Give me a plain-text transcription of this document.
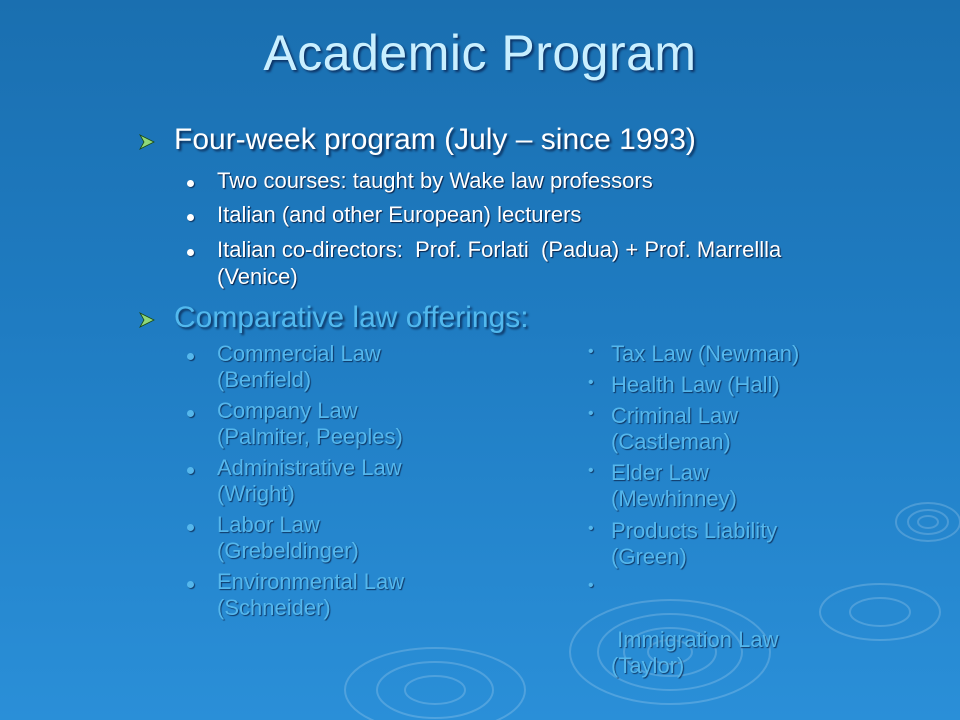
Academic Program
Four-week program (July – since 1993)
Two courses: taught by Wake law professors
Italian (and other European) lecturers
Italian co-directors:  Prof. Forlati  (Padua) + Prof. Marrellla
(Venice)
Comparative law offerings:
Commercial Law
(Benfield)
Company Law
(Palmiter, Peeples)
Administrative Law
(Wright)
Labor Law
(Grebeldinger)
Environmental Law
(Schneider)
• Tax Law (Newman)
• Health Law (Hall)
• Criminal Law
(Castleman)
• Elder Law
(Mewhinney)
• Products Liability
(Green)
•

Immigration Law
(Taylor)
